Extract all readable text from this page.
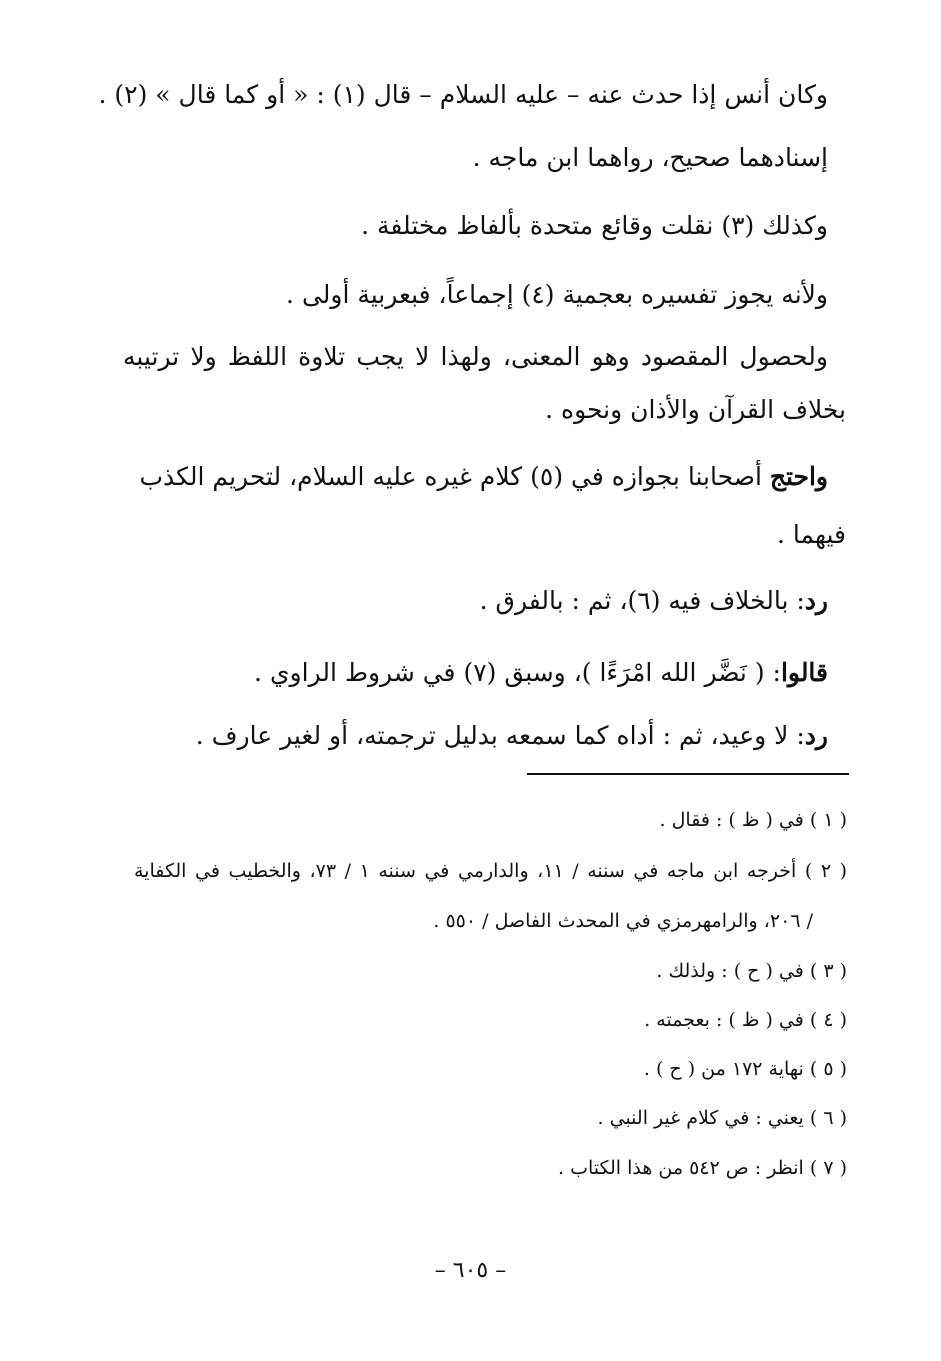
وكان أنس إذا حدث عنه – عليه السلام – قال (١) : « أو كما قال » (٢) .
إسنادهما صحيح، رواهما ابن ماجه .
وكذلك (٣) نقلت وقائع متحدة بألفاظ مختلفة .
ولأنه يجوز تفسيره بعجمية (٤) إجماعاً، فبعربية أولى .
ولحصول المقصود وهو المعنى، ولهذا لا يجب تلاوة اللفظ ولا ترتيبه
بخلاف القرآن والأذان ونحوه .
واحتج أصحابنا بجوازه في (٥) كلام غيره عليه السلام، لتحريم الكذب
فيهما .
رد: بالخلاف فيه (٦)، ثم : بالفرق .
قالوا: ( نَضَّر الله امْرَءًا )، وسبق (٧) في شروط الراوي .
رد: لا وعيد، ثم : أداه كما سمعه بدليل ترجمته، أو لغير عارف .
( ١ ) في ( ظ ) : فقال .
( ٢ ) أخرجه ابن ماجه في سننه / ١١، والدارمي في سننه ١ / ٧٣، والخطيب في الكفاية
/ ٢٠٦، والرامهرمزي في المحدث الفاصل / ٥٥٠ .
( ٣ ) في ( ح ) : ولذلك .
( ٤ ) في ( ظ ) : بعجمته .
( ٥ ) نهاية ١٧٢ من ( ح ) .
( ٦ ) يعني : في كلام غير النبي .
( ٧ ) انظر : ص ٥٤٢ من هذا الكتاب .
– ٦٠٥ –
